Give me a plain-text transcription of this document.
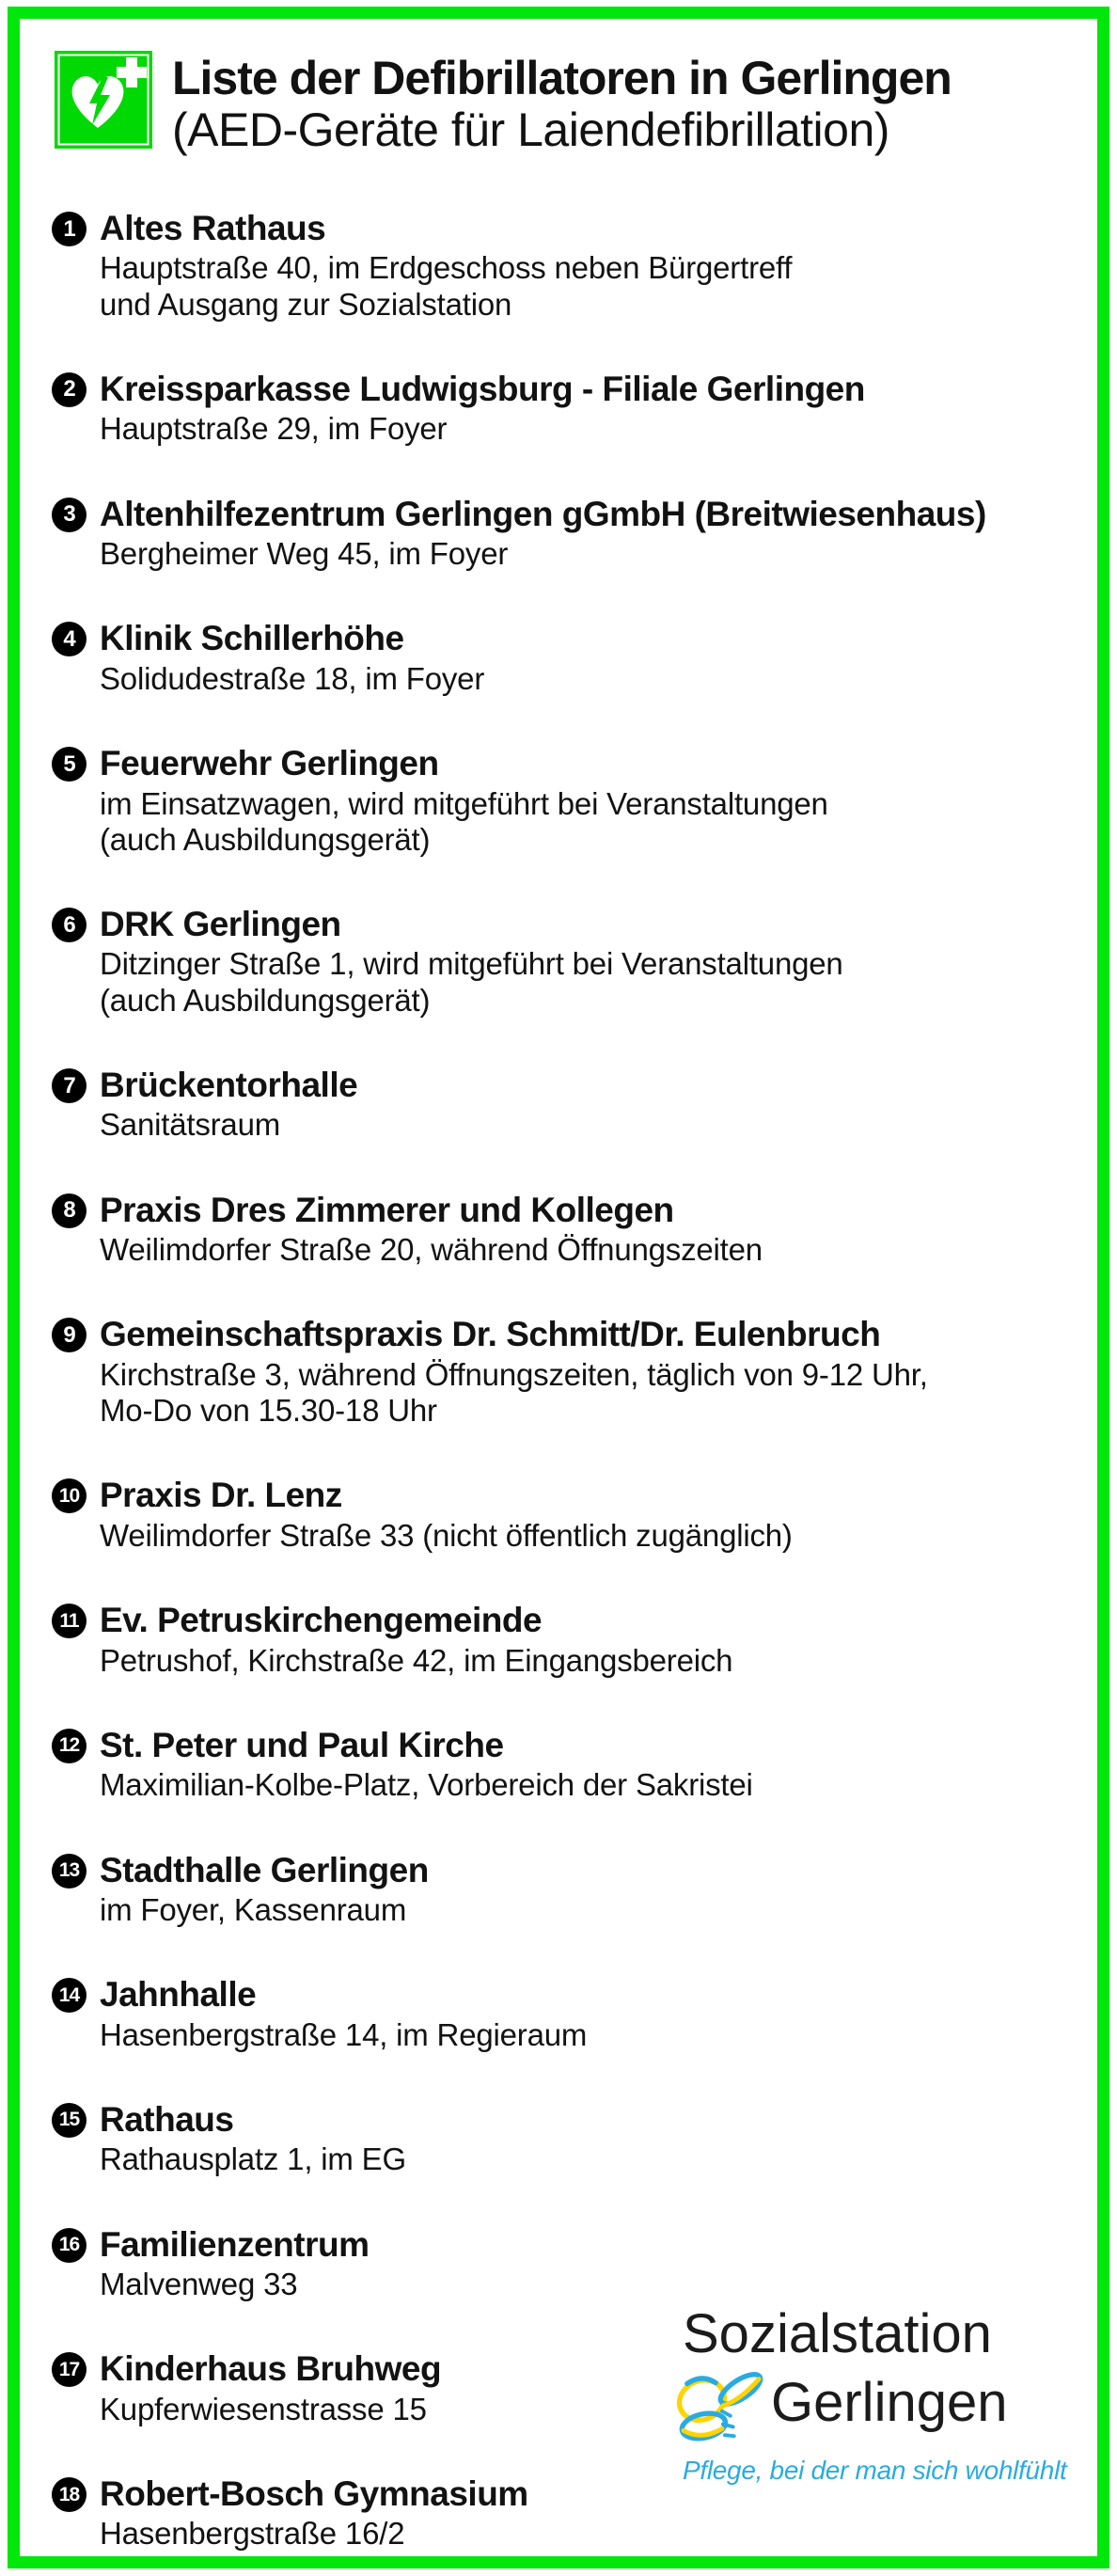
Liste der Defibrillatoren in Gerlingen
(AED-Geräte für Laiendefibrillation)
1 Altes Rathaus
Hauptstraße 40, im Erdgeschoss neben Bürgertreff
und Ausgang zur Sozialstation
2 Kreissparkasse Ludwigsburg - Filiale Gerlingen
Hauptstraße 29, im Foyer
3 Altenhilfezentrum Gerlingen gGmbH (Breitwiesenhaus)
Bergheimer Weg 45, im Foyer
4 Klinik Schillerhöhe
Solidudestraße 18, im Foyer
5 Feuerwehr Gerlingen
im Einsatzwagen, wird mitgeführt bei Veranstaltungen
(auch Ausbildungsgerät)
6 DRK Gerlingen
Ditzinger Straße 1, wird mitgeführt bei Veranstaltungen
(auch Ausbildungsgerät)
7 Brückentorhalle
Sanitätsraum
8 Praxis Dres Zimmerer und Kollegen
Weilimdorfer Straße 20, während Öffnungszeiten
9 Gemeinschaftspraxis Dr. Schmitt/Dr. Eulenbruch
Kirchstraße 3, während Öffnungszeiten, täglich von 9-12 Uhr,
Mo-Do von 15.30-18 Uhr
10 Praxis Dr. Lenz
Weilimdorfer Straße 33 (nicht öffentlich zugänglich)
11 Ev. Petruskirchengemeinde
Petrushof, Kirchstraße 42, im Eingangsbereich
12 St. Peter und Paul Kirche
Maximilian-Kolbe-Platz, Vorbereich der Sakristei
13 Stadthalle Gerlingen
im Foyer, Kassenraum
14 Jahnhalle
Hasenbergstraße 14, im Regieraum
15 Rathaus
Rathausplatz 1, im EG
16 Familienzentrum
Malvenweg 33
17 Kinderhaus Bruhweg
Kupferwiesenstrasse 15
18 Robert-Bosch Gymnasium
Hasenbergstraße 16/2
Sozialstation
Gerlingen
Pflege, bei der man sich wohlfühlt
